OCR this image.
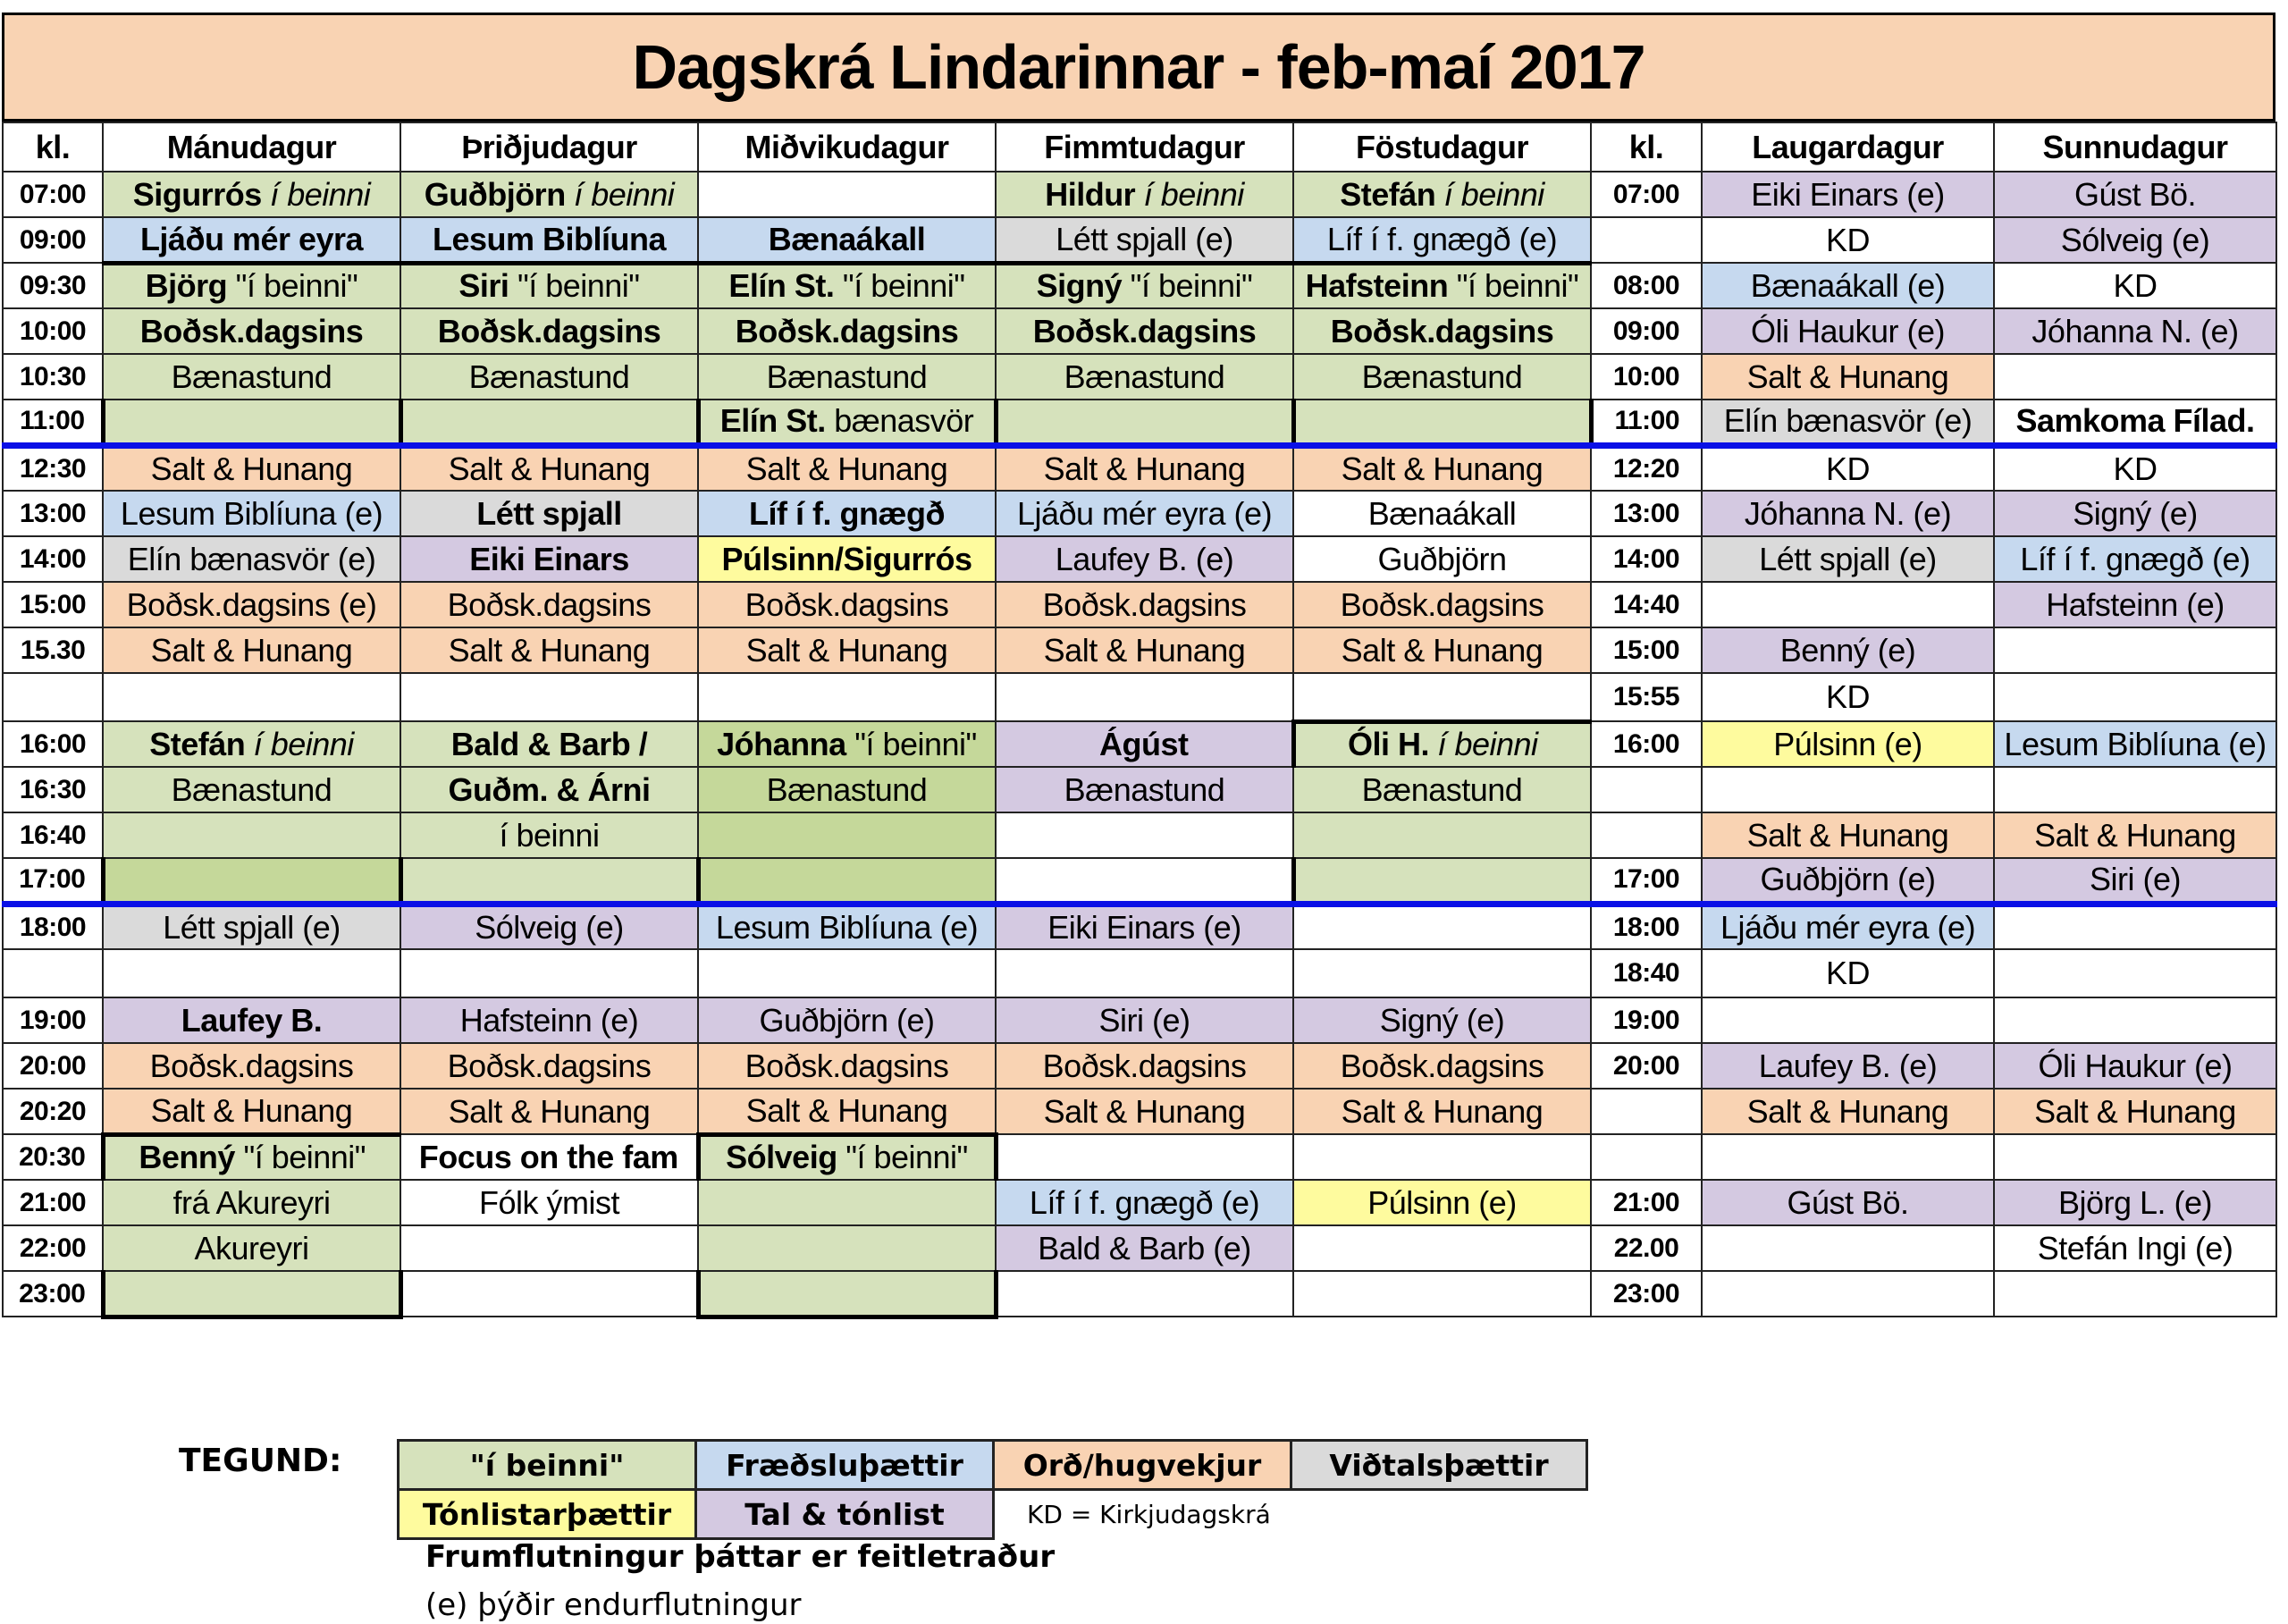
Dagskrá Lindarinnar - feb-maí 2017
kl.	Mánudagur	Þriðjudagur	Miðvikudagur	Fimmtudagur	Föstudagur	kl.	Laugardagur	Sunnudagur
07:00	Sigurrós í beinni	Guðbjörn í beinni		Hildur í beinni	Stefán í beinni	07:00	Eiki Einars (e)	Gúst Bö.
09:00	Ljáðu mér eyra	Lesum Biblíuna	Bænaákall	Létt spjall (e)	Líf í f. gnægð (e)		KD	Sólveig (e)
09:30	Björg "í beinni"	Siri "í beinni"	Elín St. "í beinni"	Signý "í beinni"	Hafsteinn "í beinni"	08:00	Bænaákall (e)	KD
10:00	Boðsk.dagsins	Boðsk.dagsins	Boðsk.dagsins	Boðsk.dagsins	Boðsk.dagsins	09:00	Óli Haukur (e)	Jóhanna N. (e)
10:30	Bænastund	Bænastund	Bænastund	Bænastund	Bænastund	10:00	Salt & Hunang	
11:00			Elín St. bænasvör			11:00	Elín bænasvör (e)	Samkoma Fílad.
12:30	Salt & Hunang	Salt & Hunang	Salt & Hunang	Salt & Hunang	Salt & Hunang	12:20	KD	KD
13:00	Lesum Biblíuna (e)	Létt spjall	Líf í f. gnægð	Ljáðu mér eyra (e)	Bænaákall	13:00	Jóhanna N. (e)	Signý (e)
14:00	Elín bænasvör (e)	Eiki Einars	Púlsinn/Sigurrós	Laufey B. (e)	Guðbjörn	14:00	Létt spjall (e)	Líf í f. gnægð (e)
15:00	Boðsk.dagsins (e)	Boðsk.dagsins	Boðsk.dagsins	Boðsk.dagsins	Boðsk.dagsins	14:40		Hafsteinn (e)
15.30	Salt & Hunang	Salt & Hunang	Salt & Hunang	Salt & Hunang	Salt & Hunang	15:00	Benný (e)	
						15:55	KD	
16:00	Stefán í beinni	Bald & Barb /	Jóhanna "í beinni"	Ágúst	Óli H. í beinni	16:00	Púlsinn (e)	Lesum Biblíuna (e)
16:30	Bænastund	Guðm. & Árni	Bænastund	Bænastund	Bænastund			
16:40		í beinni					Salt & Hunang	Salt & Hunang
17:00						17:00	Guðbjörn (e)	Siri (e)
18:00	Létt spjall (e)	Sólveig (e)	Lesum Biblíuna (e)	Eiki Einars (e)		18:00	Ljáðu mér eyra (e)	
						18:40	KD	
19:00	Laufey B.	Hafsteinn (e)	Guðbjörn (e)	Siri (e)	Signý (e)	19:00		
20:00	Boðsk.dagsins	Boðsk.dagsins	Boðsk.dagsins	Boðsk.dagsins	Boðsk.dagsins	20:00	Laufey B. (e)	Óli Haukur (e)
20:20	Salt & Hunang	Salt & Hunang	Salt & Hunang	Salt & Hunang	Salt & Hunang		Salt & Hunang	Salt & Hunang
20:30	Benný "í beinni"	Focus on the fam	Sólveig "í beinni"					
21:00	frá Akureyri	Fólk ýmist		Líf í f. gnægð (e)	Púlsinn (e)	21:00	Gúst Bö.	Björg L. (e)
22:00	Akureyri			Bald & Barb (e)		22.00		Stefán Ingi (e)
23:00						23:00		
TEGUND:	"í beinni"	Fræðsluþættir	Orð/hugvekjur	Viðtalsþættir
Tónlistarþættir	Tal & tónlist	KD = Kirkjudagskrá	
Frumflutningur þáttar er feitletraður
(e) þýðir endurflutningur
